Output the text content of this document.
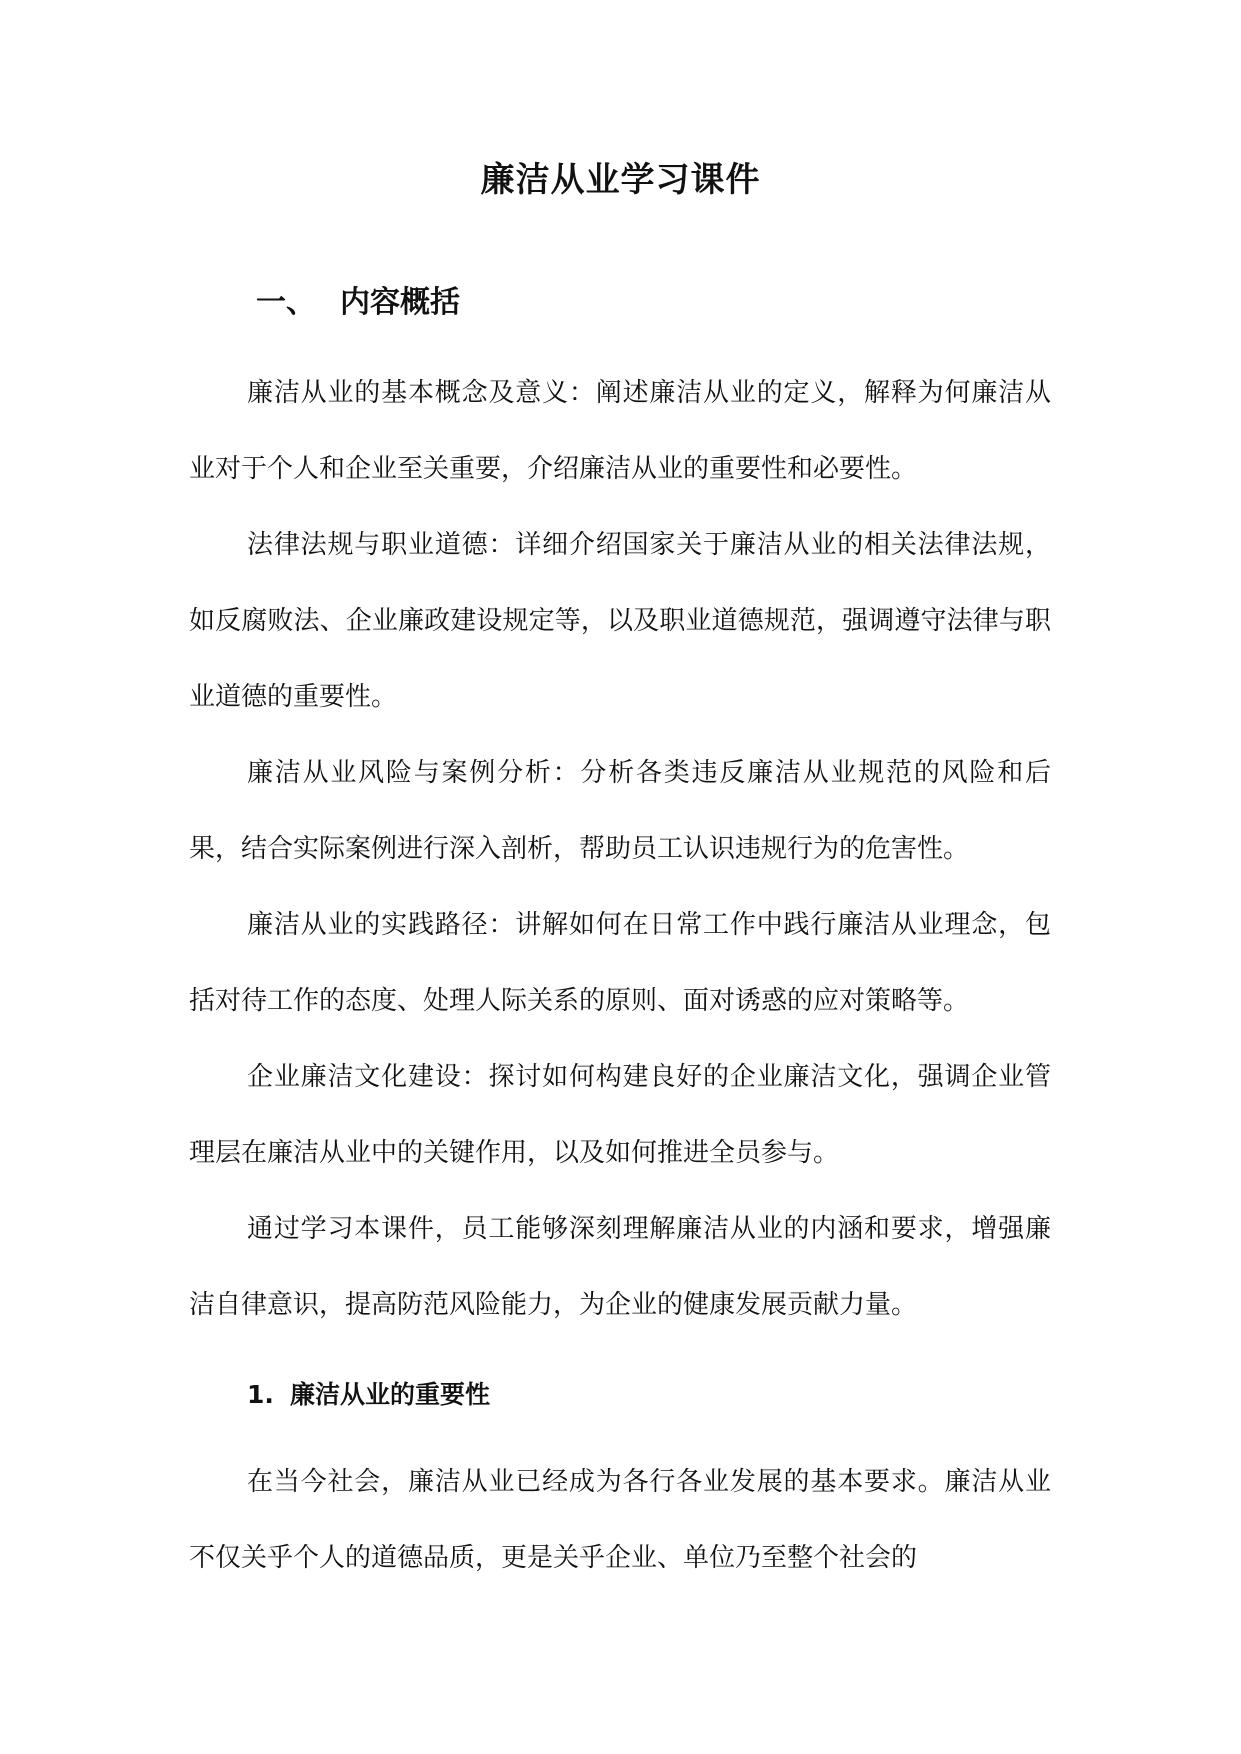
廉洁从业学习课件
一、 内容概括

廉洁从业的基本概念及意义：阐述廉洁从业的定义，解释为何廉洁从业对于个人和企业至关重要，介绍廉洁从业的重要性和必要性。

法律法规与职业道德：详细介绍国家关于廉洁从业的相关法律法规，如反腐败法、企业廉政建设规定等，以及职业道德规范，强调遵守法律与职业道德的重要性。

廉洁从业风险与案例分析：分析各类违反廉洁从业规范的风险和后果，结合实际案例进行深入剖析，帮助员工认识违规行为的危害性。

廉洁从业的实践路径：讲解如何在日常工作中践行廉洁从业理念，包括对待工作的态度、处理人际关系的原则、面对诱惑的应对策略等。

企业廉洁文化建设：探讨如何构建良好的企业廉洁文化，强调企业管理层在廉洁从业中的关键作用，以及如何推进全员参与。

通过学习本课件，员工能够深刻理解廉洁从业的内涵和要求，增强廉洁自律意识，提高防范风险能力，为企业的健康发展贡献力量。

1. 廉洁从业的重要性

在当今社会，廉洁从业已经成为各行各业发展的基本要求。廉洁从业不仅关乎个人的道德品质，更是关乎企业、单位乃至整个社会的
